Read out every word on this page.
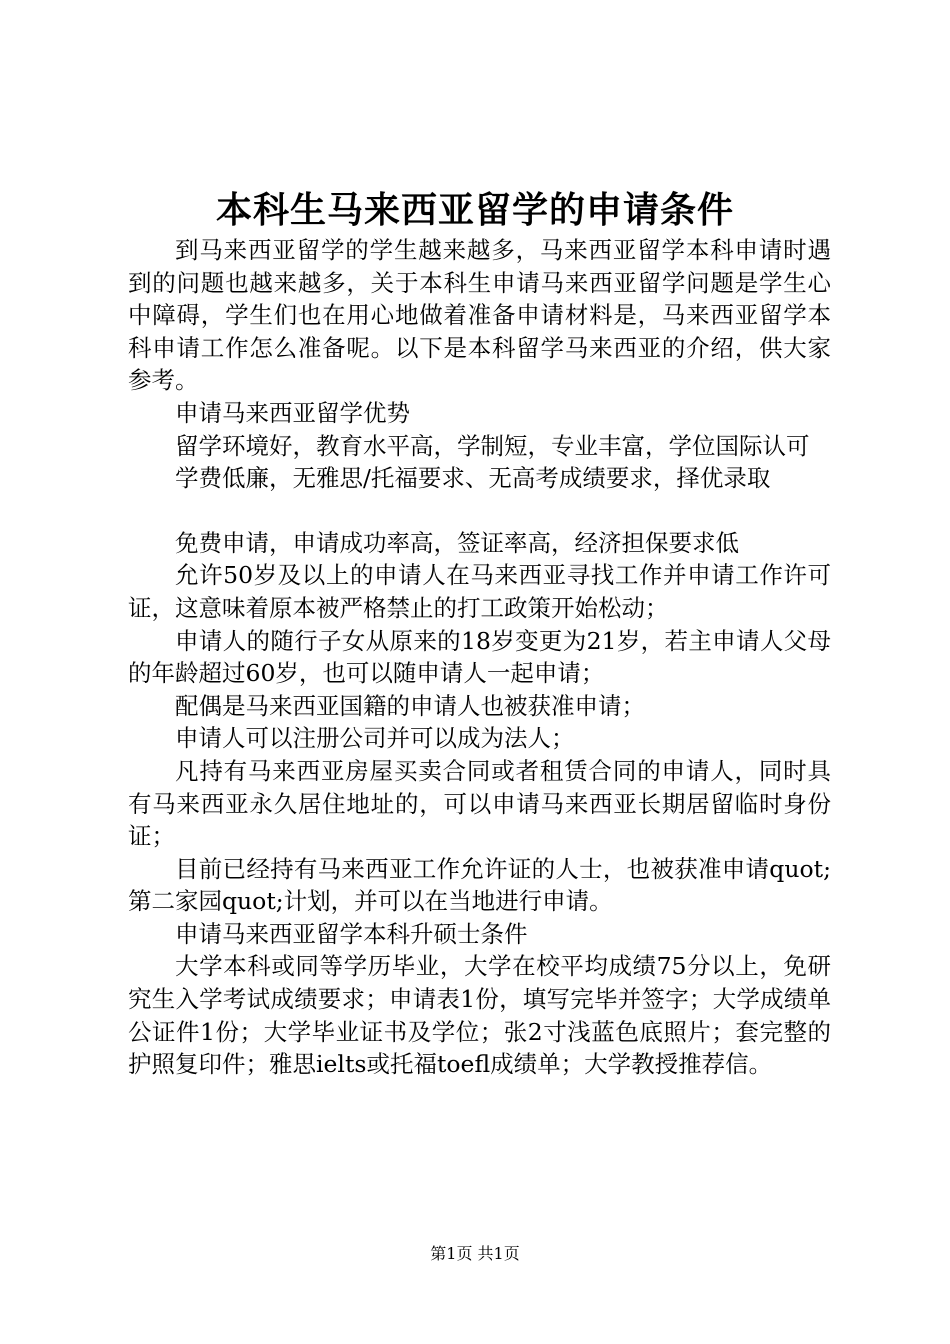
本科生马来西亚留学的申请条件

到马来西亚留学的学生越来越多，马来西亚留学本科申请时遇到的问题也越来越多，关于本科生申请马来西亚留学问题是学生心中障碍，学生们也在用心地做着准备申请材料是，马来西亚留学本科申请工作怎么准备呢。以下是本科留学马来西亚的介绍，供大家参考。

申请马来西亚留学优势

留学环境好，教育水平高，学制短，专业丰富，学位国际认可

学费低廉，无雅思/托福要求、无高考成绩要求，择优录取

免费申请，申请成功率高，签证率高，经济担保要求低

允许50岁及以上的申请人在马来西亚寻找工作并申请工作许可证，这意味着原本被严格禁止的打工政策开始松动；

申请人的随行子女从原来的18岁变更为21岁，若主申请人父母的年龄超过60岁，也可以随申请人一起申请；

配偶是马来西亚国籍的申请人也被获准申请；

申请人可以注册公司并可以成为法人；

凡持有马来西亚房屋买卖合同或者租赁合同的申请人，同时具有马来西亚永久居住地址的，可以申请马来西亚长期居留临时身份证；

目前已经持有马来西亚工作允许证的人士，也被获准申请quot;第二家园quot;计划，并可以在当地进行申请。

申请马来西亚留学本科升硕士条件

大学本科或同等学历毕业，大学在校平均成绩75分以上，免研究生入学考试成绩要求；申请表1份，填写完毕并签字；大学成绩单公证件1份；大学毕业证书及学位；张2寸浅蓝色底照片；套完整的护照复印件；雅思ielts或托福toefl成绩单；大学教授推荐信。

第1页 共1页
